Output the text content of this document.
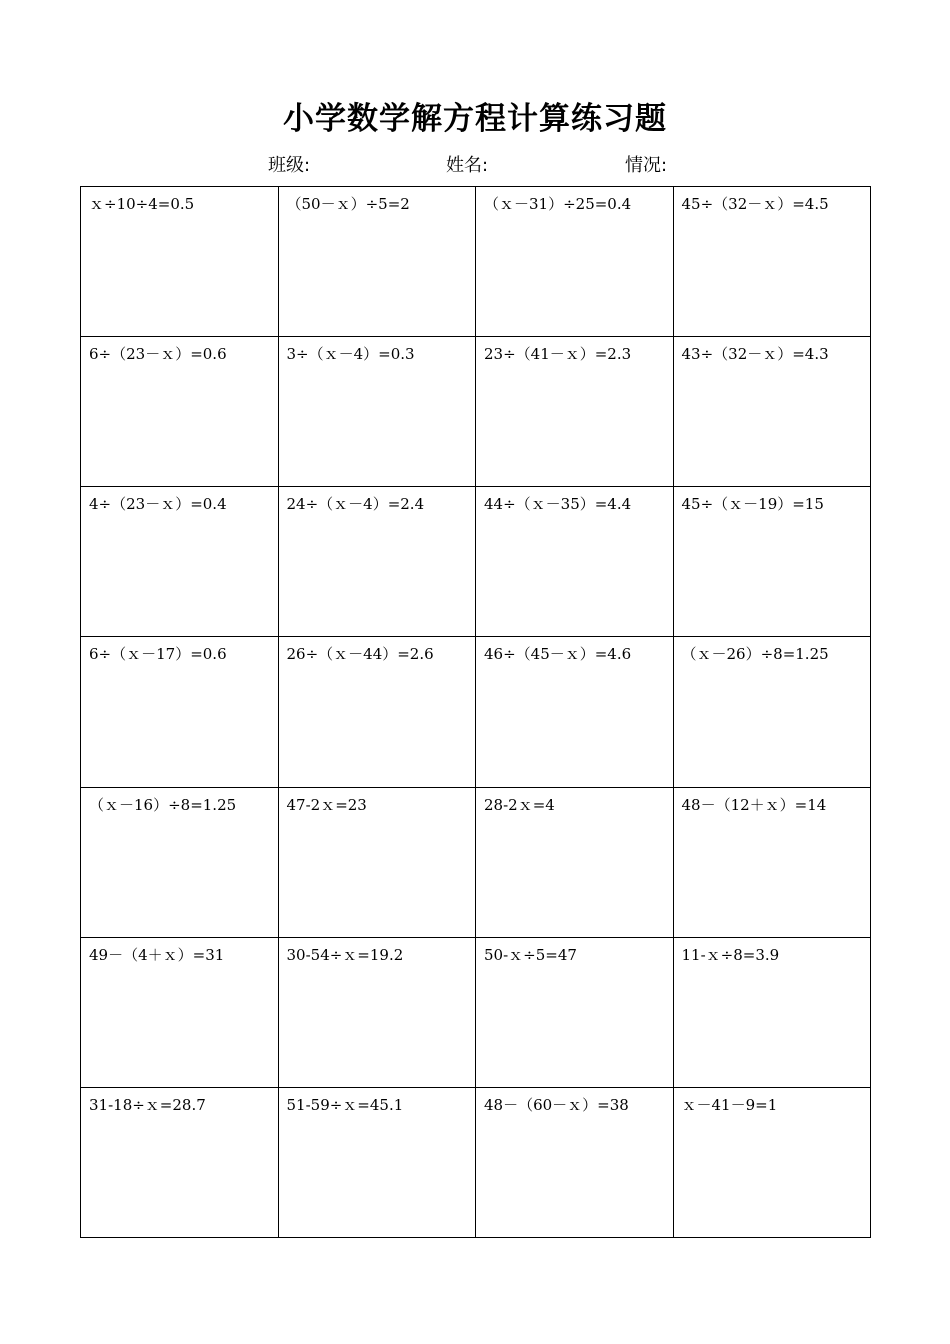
小学数学解方程计算练习题
班级:	姓名:	情况:
ｘ÷10÷4=0.5	（50－ｘ）÷5=2	（ｘ－31）÷25=0.4	45÷（32－ｘ）=4.5
6÷（23－ｘ）=0.6	3÷（ｘ－4）=0.3	23÷（41－ｘ）=2.3	43÷（32－ｘ）=4.3
4÷（23－ｘ）=0.4	24÷（ｘ－4）=2.4	44÷（ｘ－35）=4.4	45÷（ｘ－19）=15
6÷（ｘ－17）=0.6	26÷（ｘ－44）=2.6	46÷（45－ｘ）=4.6	（ｘ－26）÷8=1.25
（ｘ－16）÷8=1.25	47-2ｘ=23	28-2ｘ=4	48－（12＋ｘ）=14
49－（4＋ｘ）=31	30-54÷ｘ=19.2	50-ｘ÷5=47	11-ｘ÷8=3.9
31-18÷ｘ=28.7	51-59÷ｘ=45.1	48－（60－ｘ）=38	ｘ－41－9=1
